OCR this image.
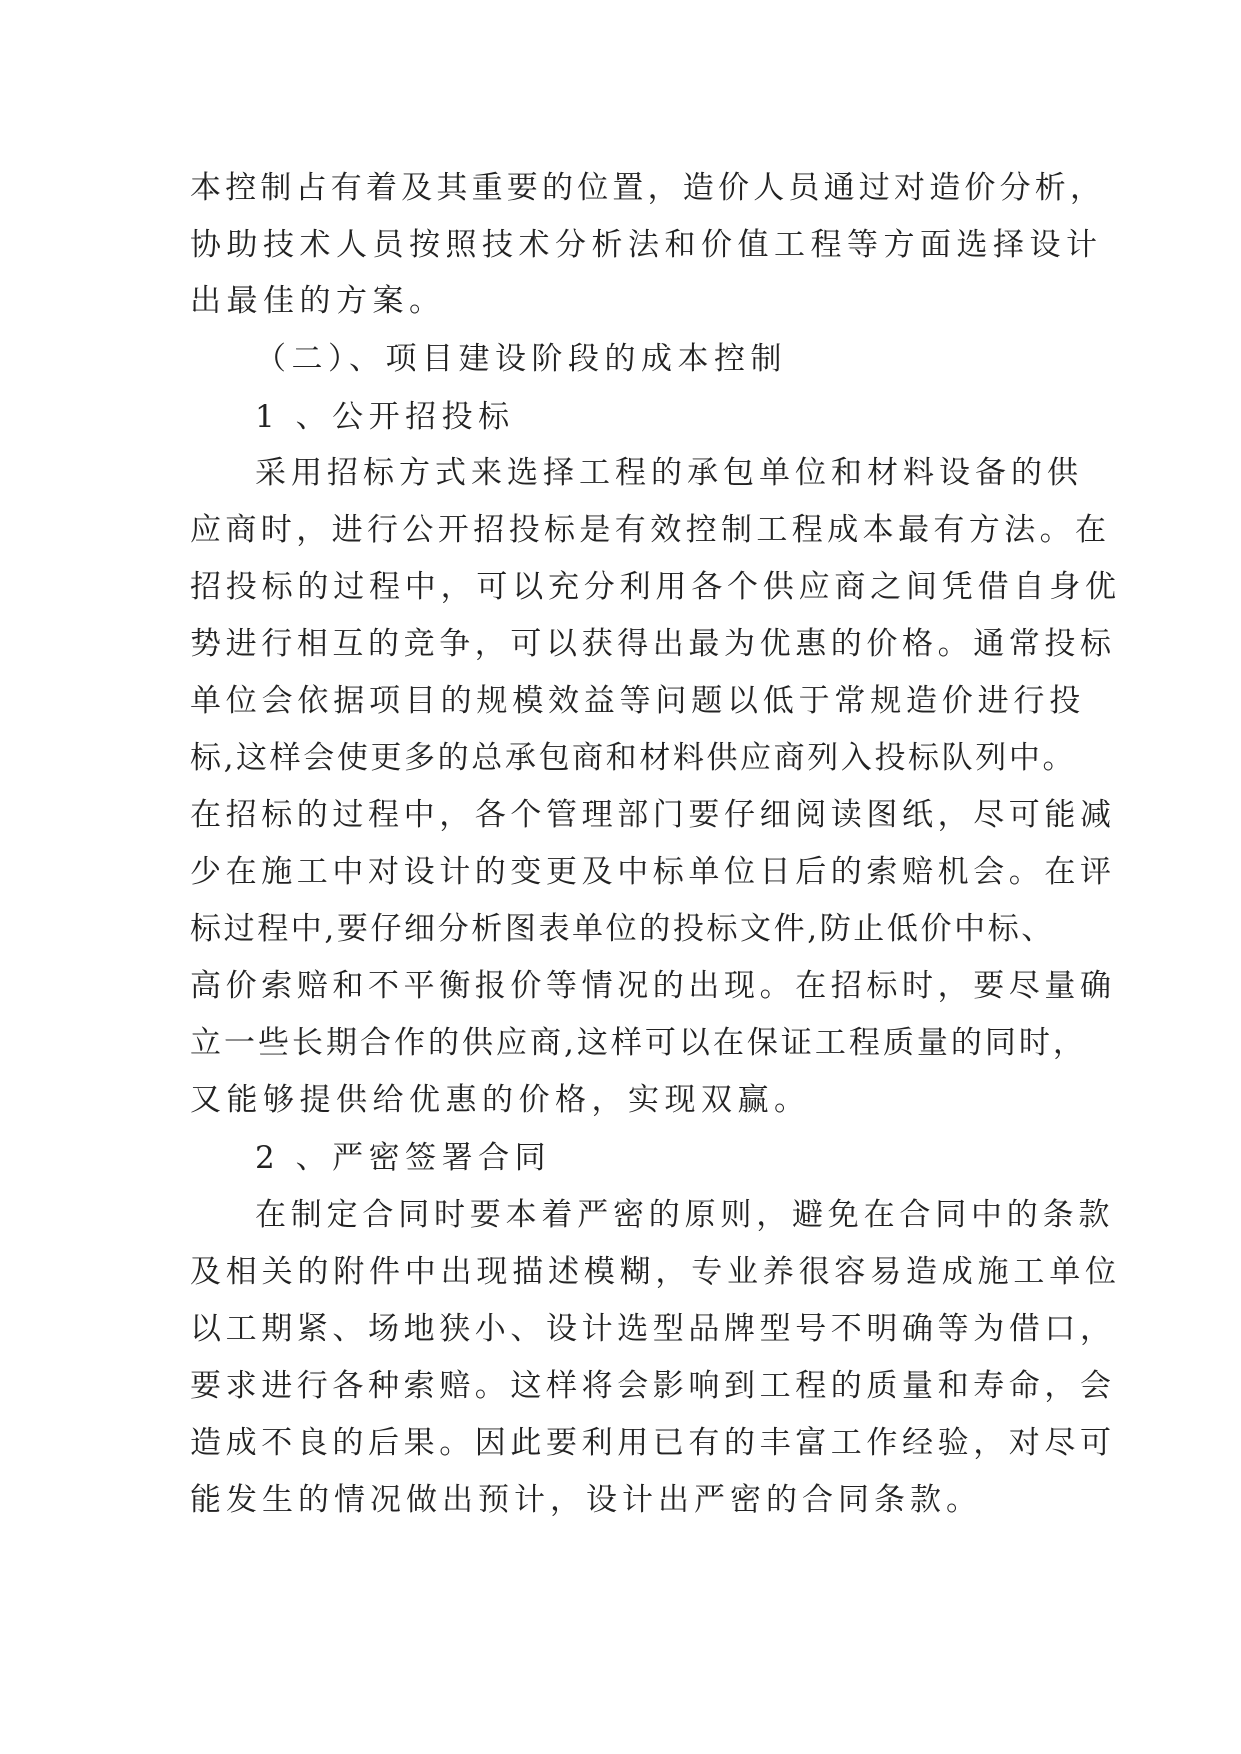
本控制占有着及其重要的位置，造价人员通过对造价分析，
协助技术人员按照技术分析法和价值工程等方面选择设计
出最佳的方案。
（二）、项目建设阶段的成本控制
1 、公开招投标
采用招标方式来选择工程的承包单位和材料设备的供
应商时，进行公开招投标是有效控制工程成本最有方法。在
招投标的过程中，可以充分利用各个供应商之间凭借自身优
势进行相互的竞争，可以获得出最为优惠的价格。通常投标
单位会依据项目的规模效益等问题以低于常规造价进行投
标,这样会使更多的总承包商和材料供应商列入投标队列中。
在招标的过程中，各个管理部门要仔细阅读图纸，尽可能减
少在施工中对设计的变更及中标单位日后的索赔机会。在评
标过程中,要仔细分析图表单位的投标文件,防止低价中标、
高价索赔和不平衡报价等情况的出现。在招标时，要尽量确
立一些长期合作的供应商,这样可以在保证工程质量的同时，
又能够提供给优惠的价格，实现双赢。
2 、严密签署合同
在制定合同时要本着严密的原则，避免在合同中的条款
及相关的附件中出现描述模糊，专业养很容易造成施工单位
以工期紧、场地狭小、设计选型品牌型号不明确等为借口，
要求进行各种索赔。这样将会影响到工程的质量和寿命，会
造成不良的后果。因此要利用已有的丰富工作经验，对尽可
能发生的情况做出预计，设计出严密的合同条款。
